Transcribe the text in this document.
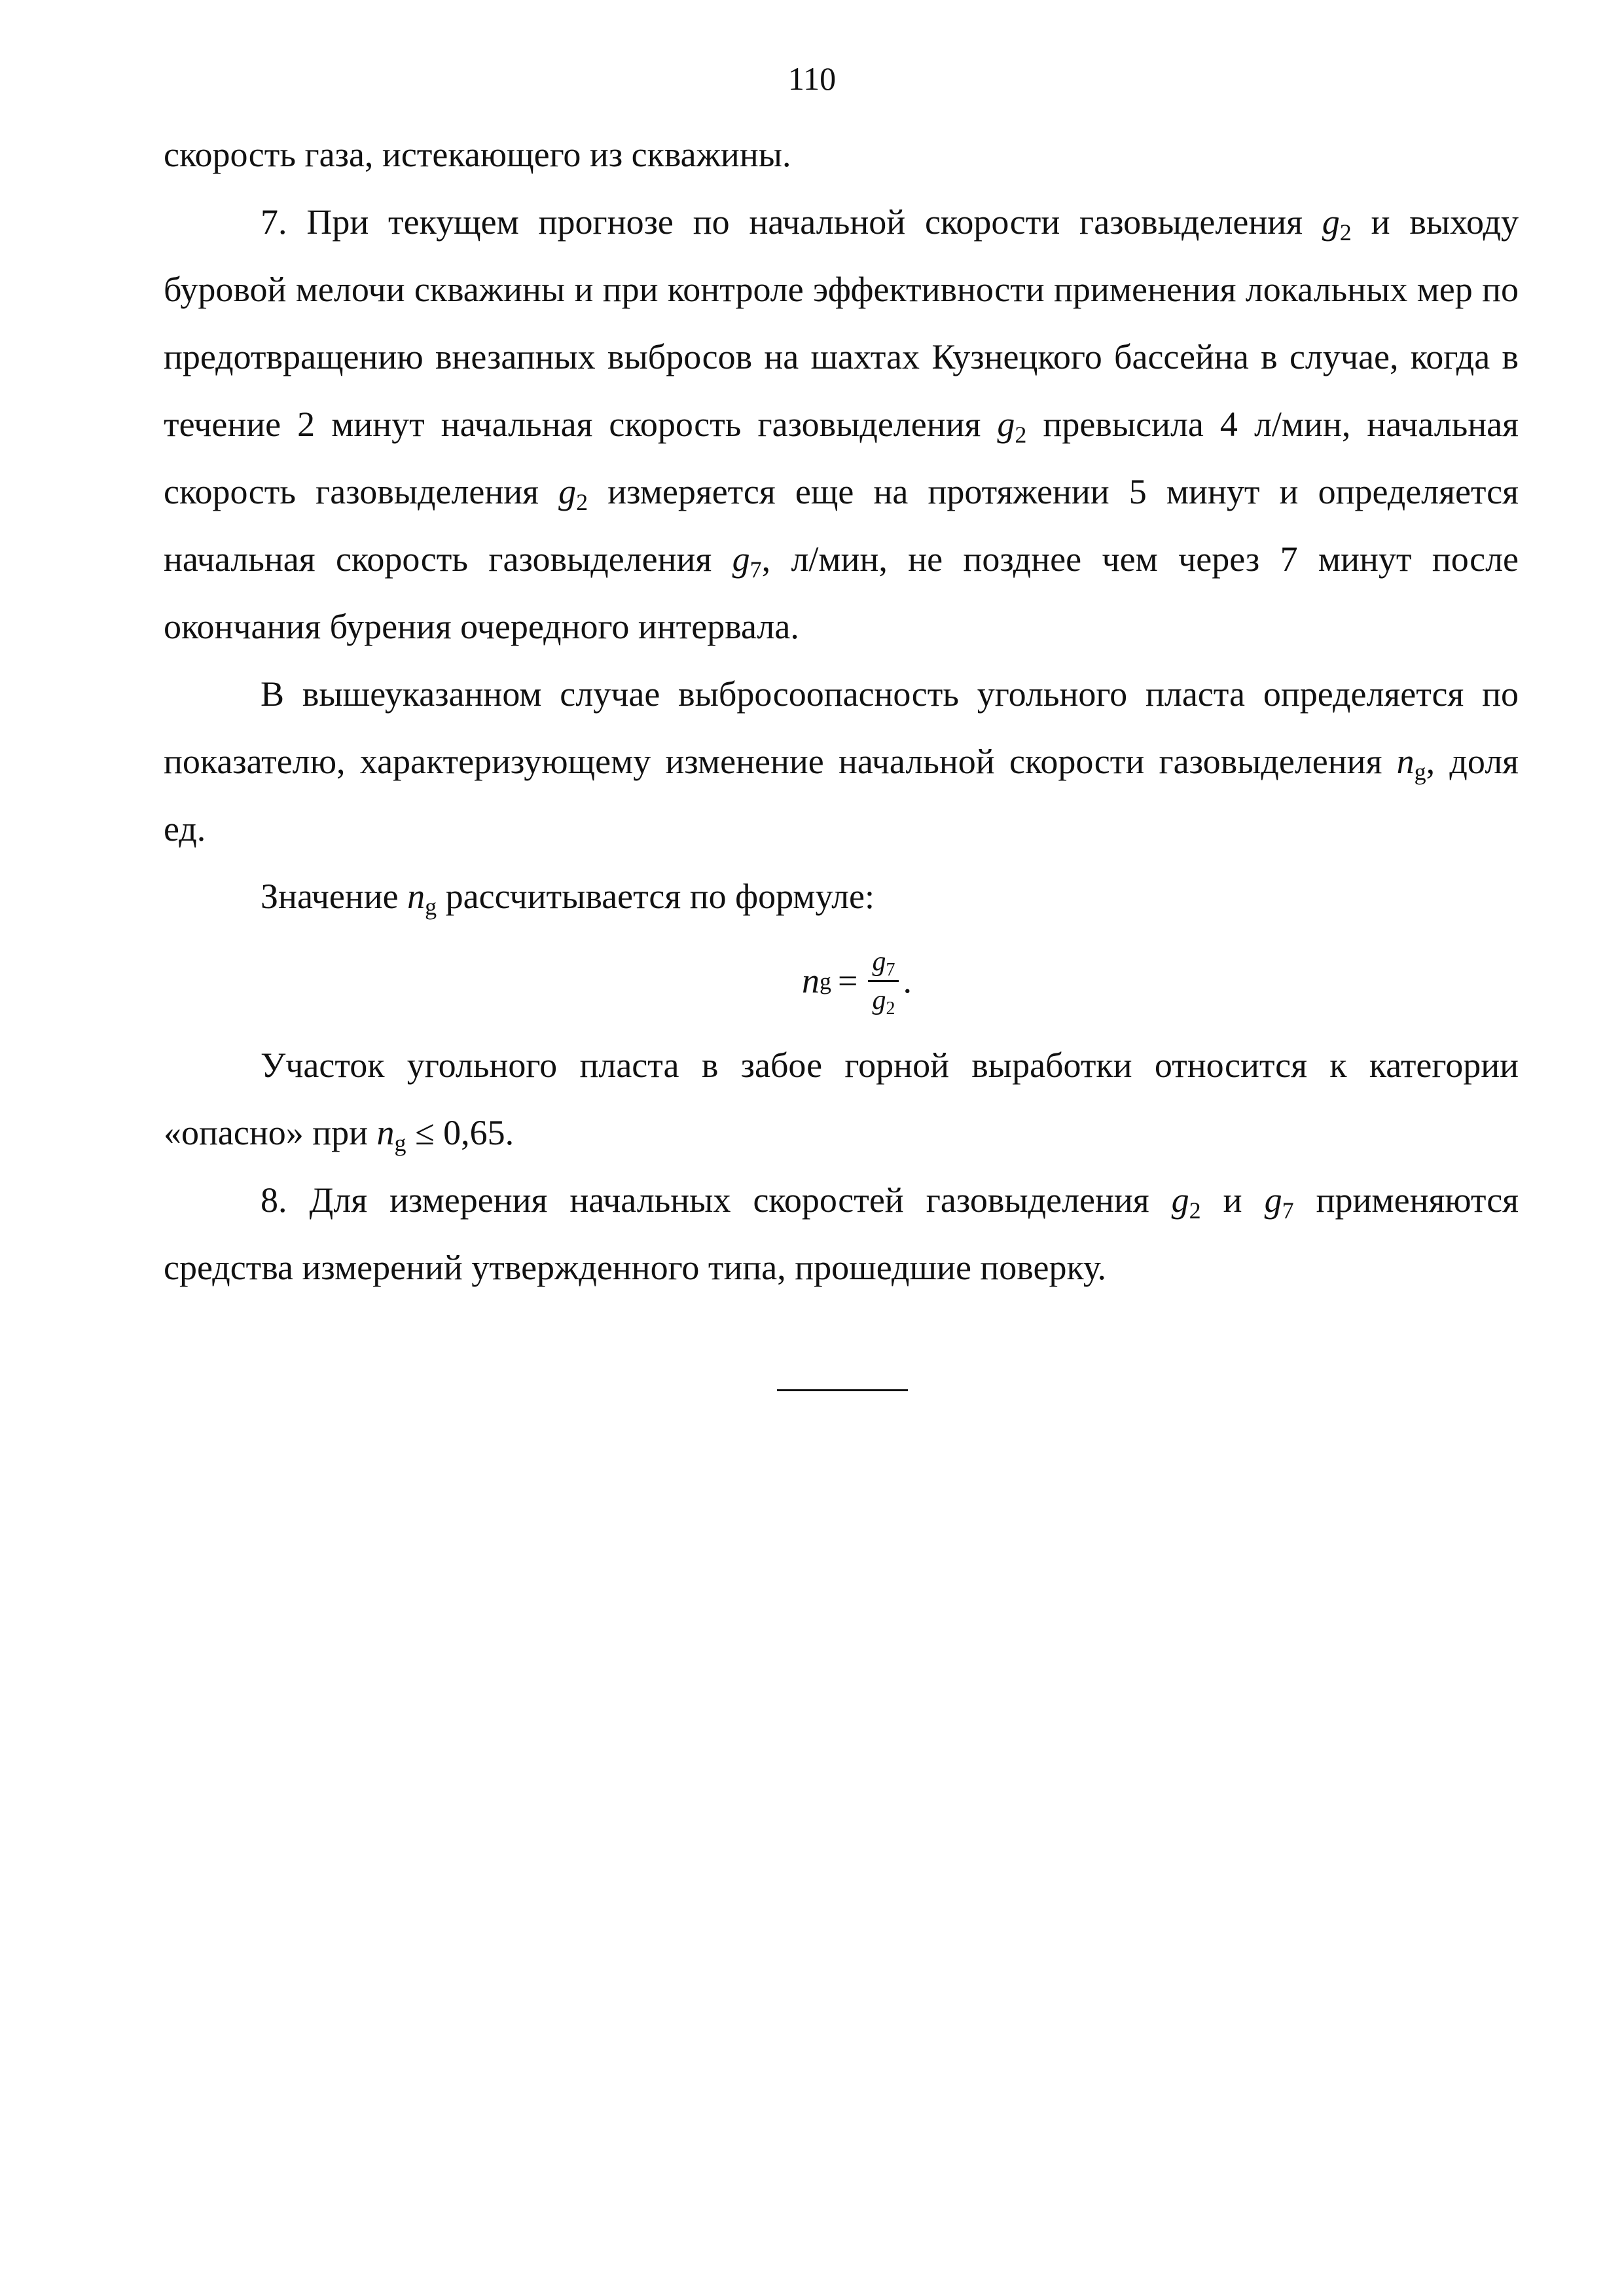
110

скорость газа, истекающего из скважины.

7. При текущем прогнозе по начальной скорости газовыделения $g_2$ и выходу буровой мелочи скважины и при контроле эффективности применения локальных мер по предотвращению внезапных выбросов на шахтах Кузнецкого бассейна в случае, когда в течение 2 минут начальная скорость газовыделения $g_2$ превысила 4 л/мин, начальная скорость газовыделения $g_2$ измеряется еще на протяжении 5 минут и определяется начальная скорость газовыделения $g_7$, л/мин, не позднее чем через 7 минут после окончания бурения очередного интервала.

В вышеуказанном случае выбросоопасность угольного пласта определяется по показателю, характеризующему изменение начальной скорости газовыделения $n_g$, доля ед.

Значение $n_g$ рассчитывается по формуле:

n $g = \frac{g_7}{g_2}$ .

Участок угольного пласта в забое горной выработки относится к категории «опасно» при $n_g \le 0,65$.

8. Для измерения начальных скоростей газовыделения $g_2$ и $g_7$ применяются средства измерений утвержденного типа, прошедшие поверку.
